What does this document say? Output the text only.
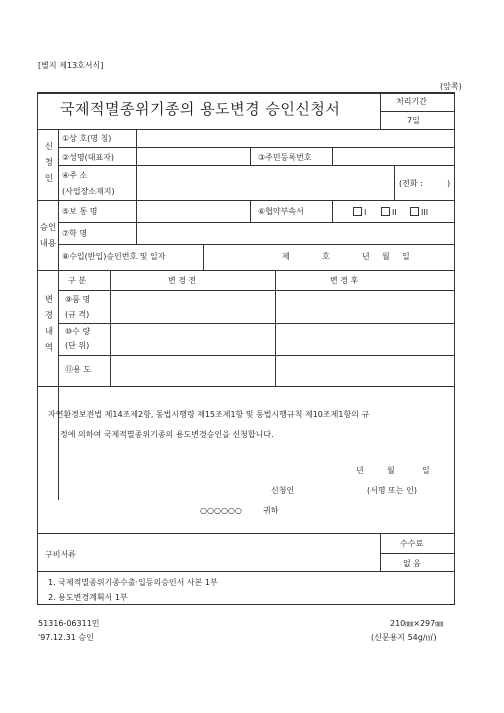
[별지 제13호서식]
(앞쪽)
국제적멸종위기종의 용도변경 승인신청서	처리기간
7일
신
청
인
①상 호(명 칭)
②성명(대표자)	③주민등록번호
④주 소
(사업장소재지)
(전화 :	)
승인
내용
⑤보 통 명	⑥협약부속서	I	II	III
⑦학 명
⑧수입(반입)승인번호 및 일자	제	호	년 월 일
변
경
내
역
구 분	변 경 전	변 경 후
⑨품 명
(규 격)
⑩수 량
(단 위)
⑪용 도
자연환경보전법 제14조제2항, 동법시행령 제15조제1항 및 동법시행규칙 제10조제1항의 규
정에 의하여 국제적멸종위기종의 용도변경승인을 신청합니다.
년	월	일
신청인	(서명 또는 인)
○○○○○○	귀하
구비서류
수수료
없 음
1. 국제적멸종위기종수출·입등의승인서 사본 1부
2. 용도변경계획서 1부
51316-06311민
'97.12.31 승인
210㎜×297㎜
(신문용지 54g/㎡)
